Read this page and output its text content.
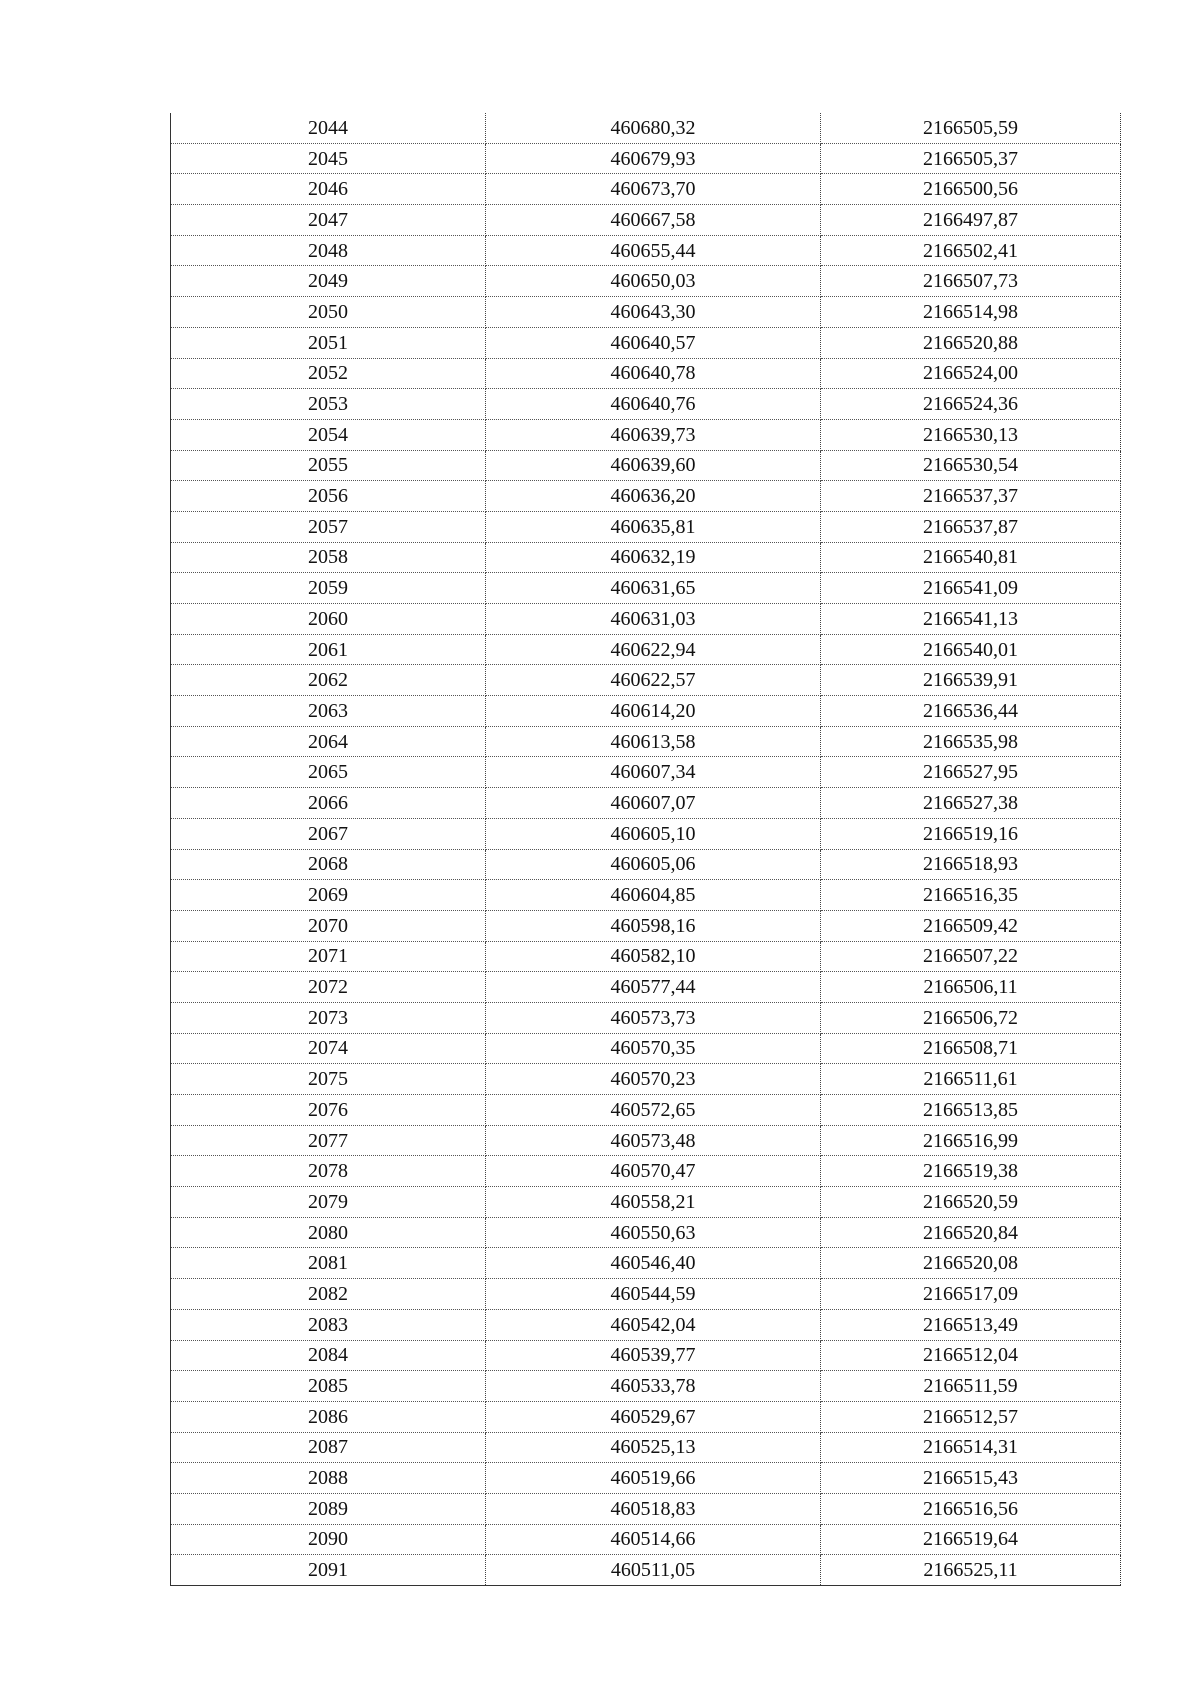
2044	460680,32	2166505,59
2045	460679,93	2166505,37
2046	460673,70	2166500,56
2047	460667,58	2166497,87
2048	460655,44	2166502,41
2049	460650,03	2166507,73
2050	460643,30	2166514,98
2051	460640,57	2166520,88
2052	460640,78	2166524,00
2053	460640,76	2166524,36
2054	460639,73	2166530,13
2055	460639,60	2166530,54
2056	460636,20	2166537,37
2057	460635,81	2166537,87
2058	460632,19	2166540,81
2059	460631,65	2166541,09
2060	460631,03	2166541,13
2061	460622,94	2166540,01
2062	460622,57	2166539,91
2063	460614,20	2166536,44
2064	460613,58	2166535,98
2065	460607,34	2166527,95
2066	460607,07	2166527,38
2067	460605,10	2166519,16
2068	460605,06	2166518,93
2069	460604,85	2166516,35
2070	460598,16	2166509,42
2071	460582,10	2166507,22
2072	460577,44	2166506,11
2073	460573,73	2166506,72
2074	460570,35	2166508,71
2075	460570,23	2166511,61
2076	460572,65	2166513,85
2077	460573,48	2166516,99
2078	460570,47	2166519,38
2079	460558,21	2166520,59
2080	460550,63	2166520,84
2081	460546,40	2166520,08
2082	460544,59	2166517,09
2083	460542,04	2166513,49
2084	460539,77	2166512,04
2085	460533,78	2166511,59
2086	460529,67	2166512,57
2087	460525,13	2166514,31
2088	460519,66	2166515,43
2089	460518,83	2166516,56
2090	460514,66	2166519,64
2091	460511,05	2166525,11
